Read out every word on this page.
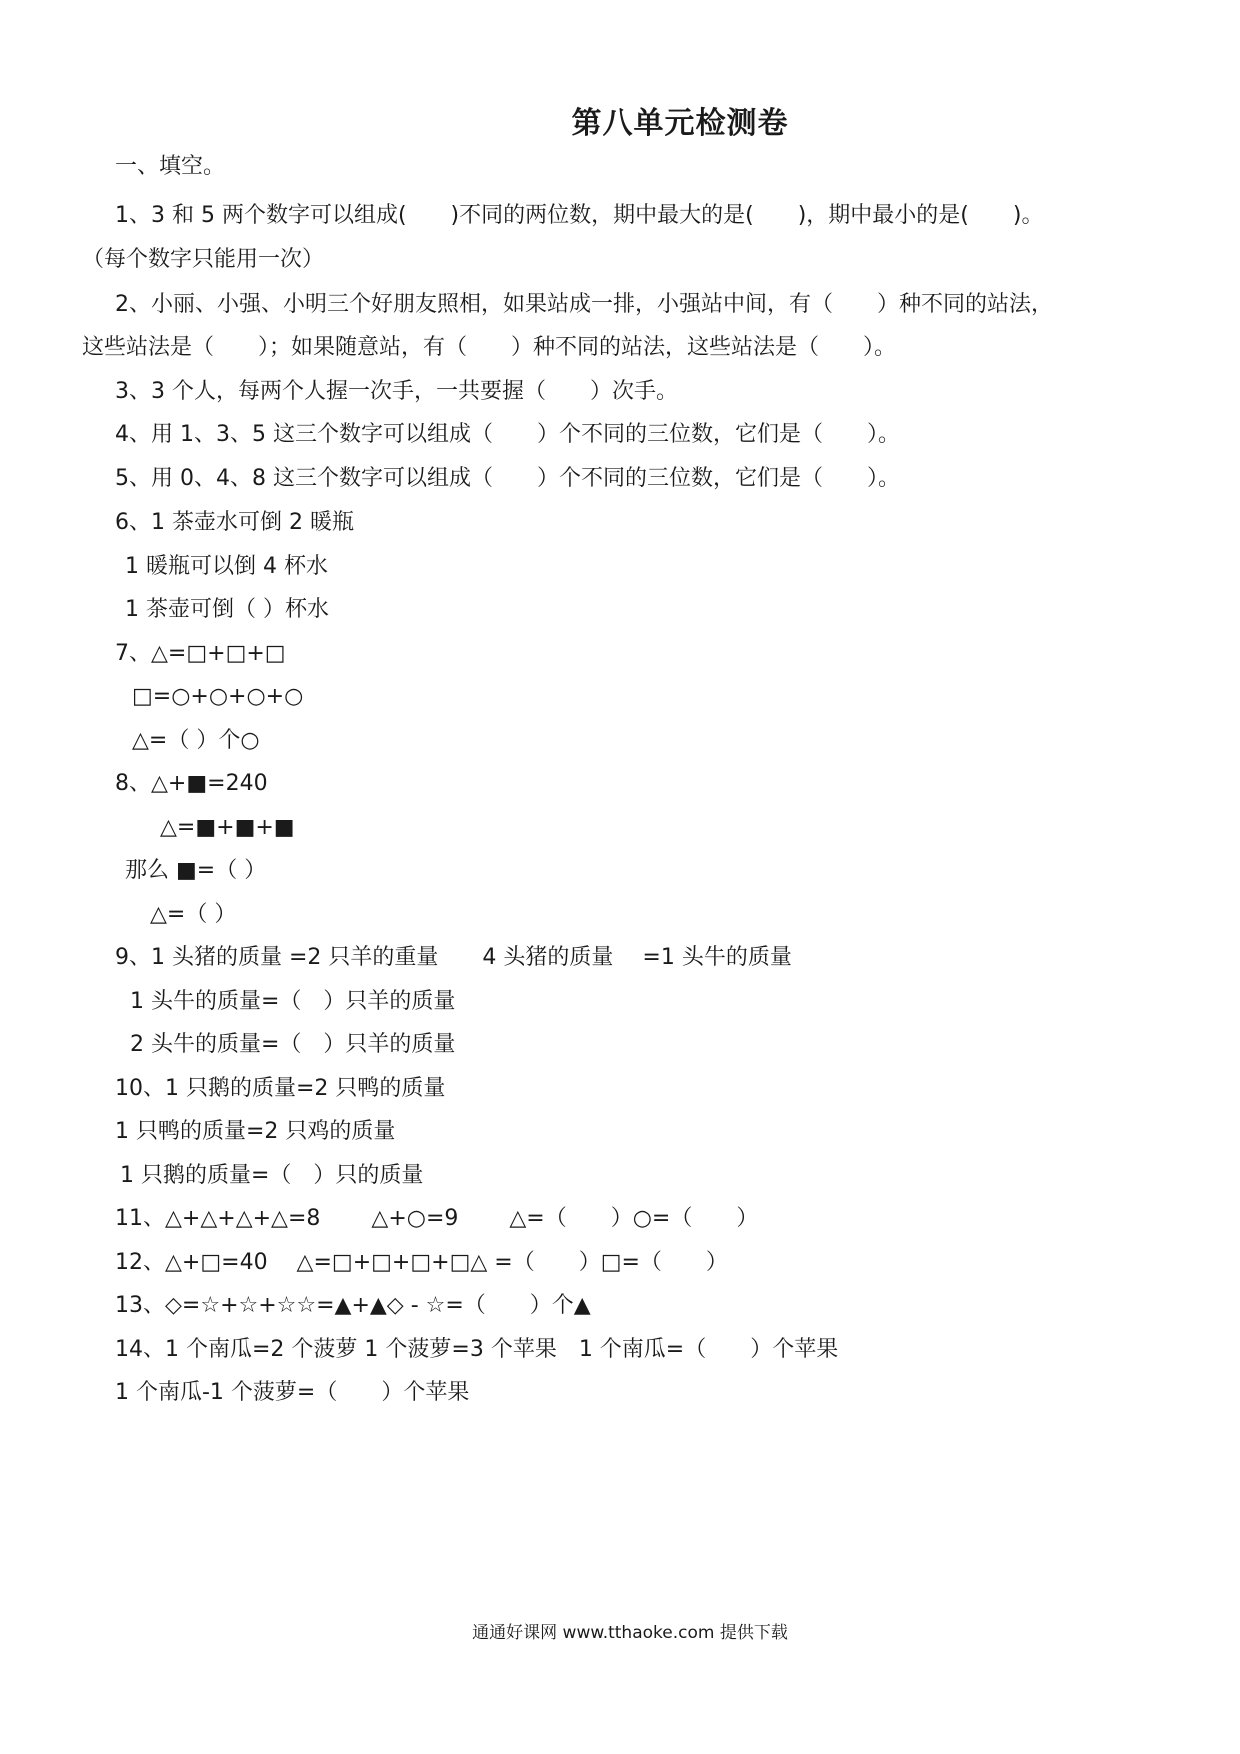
第八单元检测卷
一、填空。
1、3 和 5 两个数字可以组成(　　)不同的两位数，期中最大的是(　　)，期中最小的是(　　)。
（每个数字只能用一次）
2、小丽、小强、小明三个好朋友照相，如果站成一排，小强站中间，有（　　）种不同的站法，
这些站法是（　　）；如果随意站，有（　　）种不同的站法，这些站法是（　　）。
3、3 个人，每两个人握一次手，一共要握（　　）次手。
4、用 1、3、5 这三个数字可以组成（　　）个不同的三位数，它们是（　　）。
5、用 0、4、8 这三个数字可以组成（　　）个不同的三位数，它们是（　　）。
6、1 茶壶水可倒 2 暖瓶
1 暖瓶可以倒 4 杯水
1 茶壶可倒（ ）杯水
7、△=□+□+□
□=○+○+○+○
△=（ ）个○
8、△+■=240
△=■+■+■
那么 ■=（ ）
△=（ ）
9、1 头猪的质量 =2 只羊的重量　　4 头猪的质量　 =1 头牛的质量
1 头牛的质量=（　）只羊的质量
2 头牛的质量=（　）只羊的质量
10、1 只鹅的质量=2 只鸭的质量
1 只鸭的质量=2 只鸡的质量
1 只鹅的质量=（　）只的质量
11、△+△+△+△=8　　 △+○=9　　 △=（　　）○=（　　）
12、△+□=40　 △=□+□+□+□△ =（　　）□=（　　）
13、◇=☆+☆+☆☆=▲+▲◇ - ☆=（　　）个▲
14、1 个南瓜=2 个菠萝 1 个菠萝=3 个苹果　1 个南瓜=（　　）个苹果
1 个南瓜-1 个菠萝=（　　）个苹果
通通好课网 www.tthaoke.com 提供下载
